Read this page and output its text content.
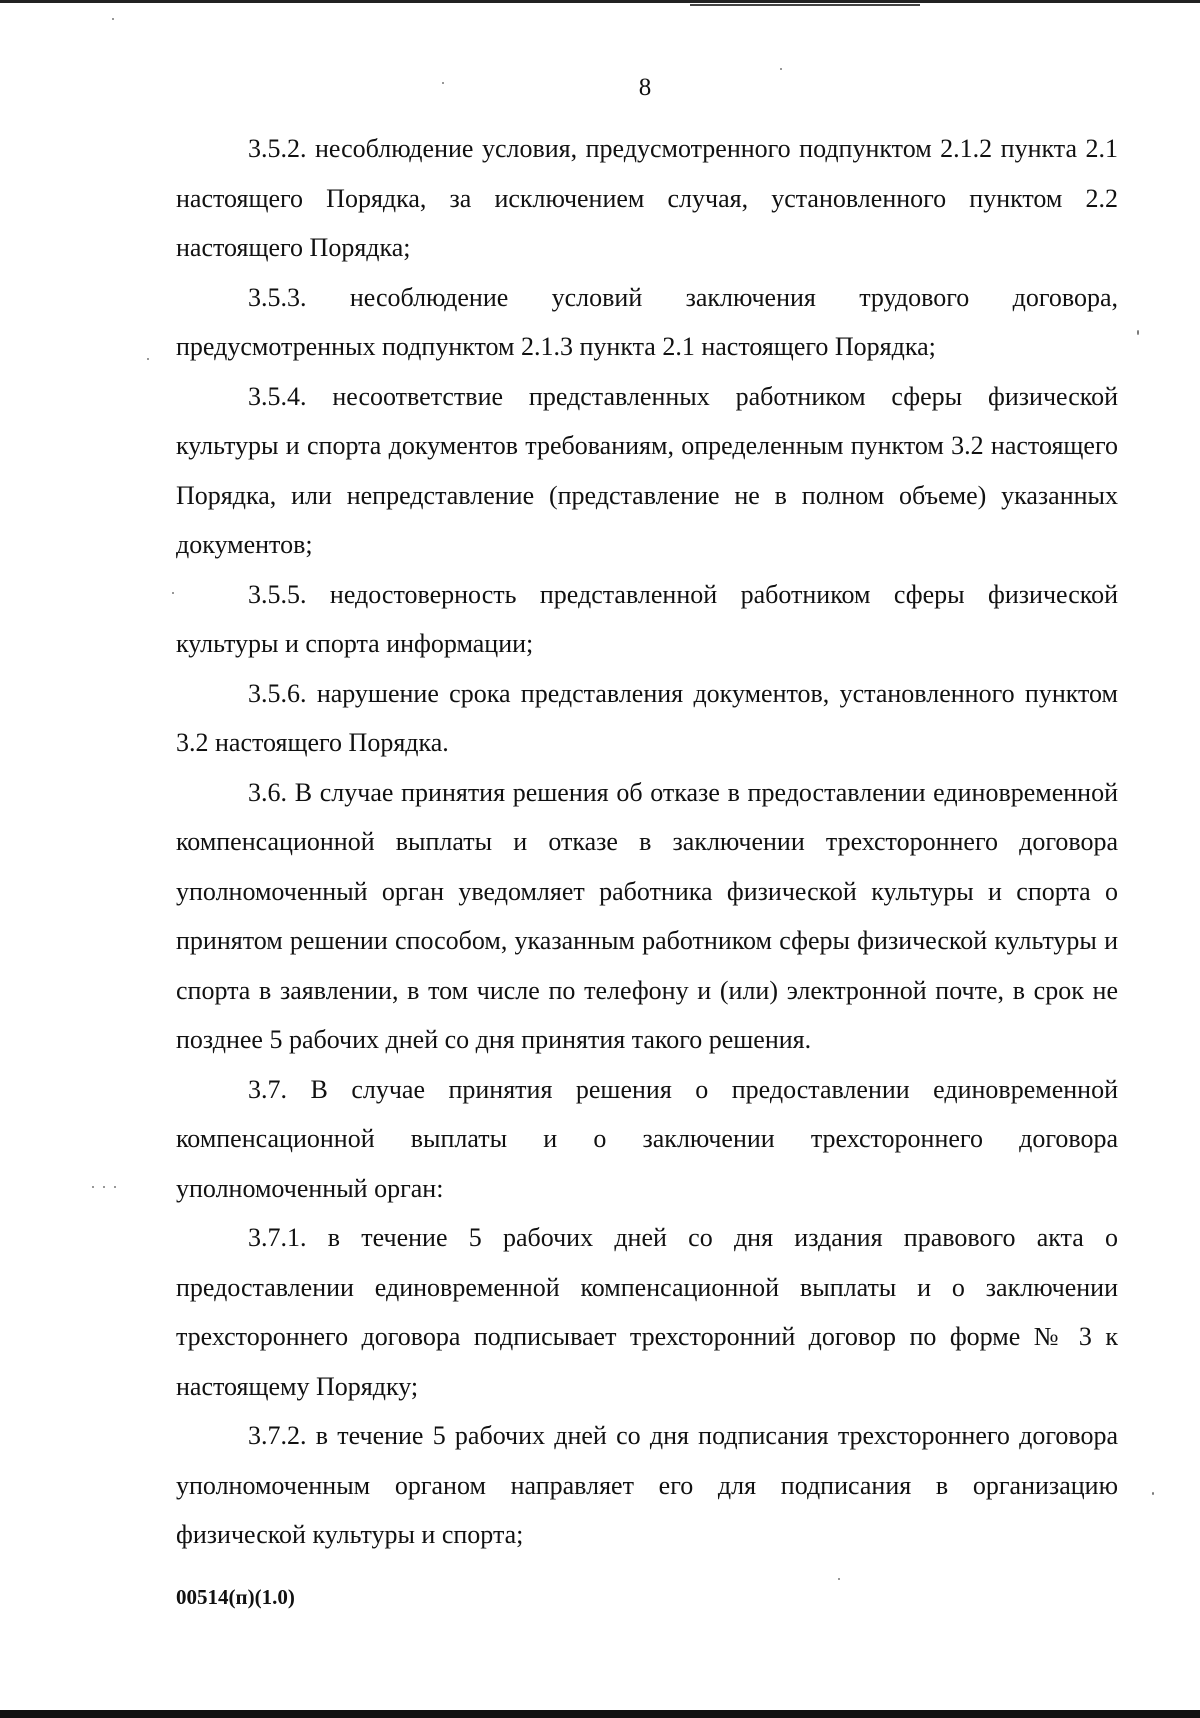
8

3.5.2. несоблюдение условия, предусмотренного подпунктом 2.1.2 пункта 2.1 настоящего Порядка, за исключением случая, установленного пунктом 2.2 настоящего Порядка;

3.5.3. несоблюдение условий заключения трудового договора, предусмотренных подпунктом 2.1.3 пункта 2.1 настоящего Порядка;

3.5.4. несоответствие представленных работником сферы физической культуры и спорта документов требованиям, определенным пунктом 3.2 настоящего Порядка, или непредставление (представление не в полном объеме) указанных документов;

3.5.5. недостоверность представленной работником сферы физической культуры и спорта информации;

3.5.6. нарушение срока представления документов, установленного пунктом 3.2 настоящего Порядка.

3.6. В случае принятия решения об отказе в предоставлении единовременной компенсационной выплаты и отказе в заключении трехстороннего договора уполномоченный орган уведомляет работника физической культуры и спорта о принятом решении способом, указанным работником сферы физической культуры и спорта в заявлении, в том числе по телефону и (или) электронной почте, в срок не позднее 5 рабочих дней со дня принятия такого решения.

3.7. В случае принятия решения о предоставлении единовременной компенсационной выплаты и о заключении трехстороннего договора уполномоченный орган:

3.7.1. в течение 5 рабочих дней со дня издания правового акта о предоставлении единовременной компенсационной выплаты и о заключении трехстороннего договора подписывает трехсторонний договор по форме № 3 к настоящему Порядку;

3.7.2. в течение 5 рабочих дней со дня подписания трехстороннего договора уполномоченным органом направляет его для подписания в организацию физической культуры и спорта;

00514(п)(1.0)
